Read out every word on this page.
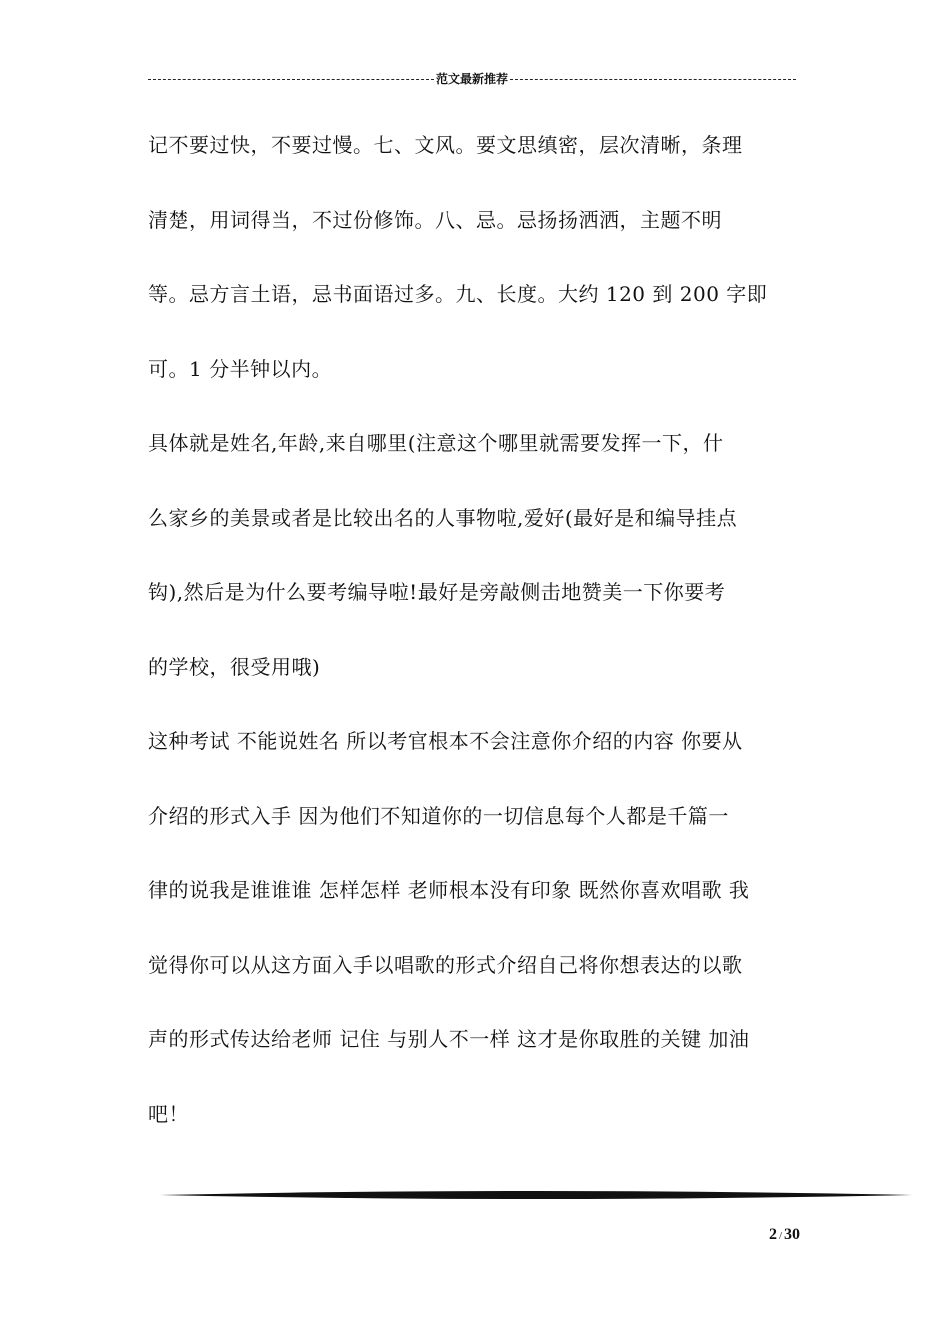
范文最新推荐
记不要过快，不要过慢。七、文风。要文思缜密，层次清晰，条理
清楚，用词得当，不过份修饰。八、忌。忌扬扬洒洒，主题不明
等。忌方言土语，忌书面语过多。九、长度。大约 120 到 200 字即
可。1 分半钟以内。
具体就是姓名,年龄,来自哪里(注意这个哪里就需要发挥一下，什
么家乡的美景或者是比较出名的人事物啦,爱好(最好是和编导挂点
钩),然后是为什么要考编导啦!最好是旁敲侧击地赞美一下你要考
的学校，很受用哦)
这种考试 不能说姓名 所以考官根本不会注意你介绍的内容 你要从
介绍的形式入手 因为他们不知道你的一切信息每个人都是千篇一
律的说我是谁谁谁 怎样怎样 老师根本没有印象 既然你喜欢唱歌 我
觉得你可以从这方面入手以唱歌的形式介绍自己将你想表达的以歌
声的形式传达给老师 记住 与别人不一样 这才是你取胜的关键 加油
吧！
2 / 30
